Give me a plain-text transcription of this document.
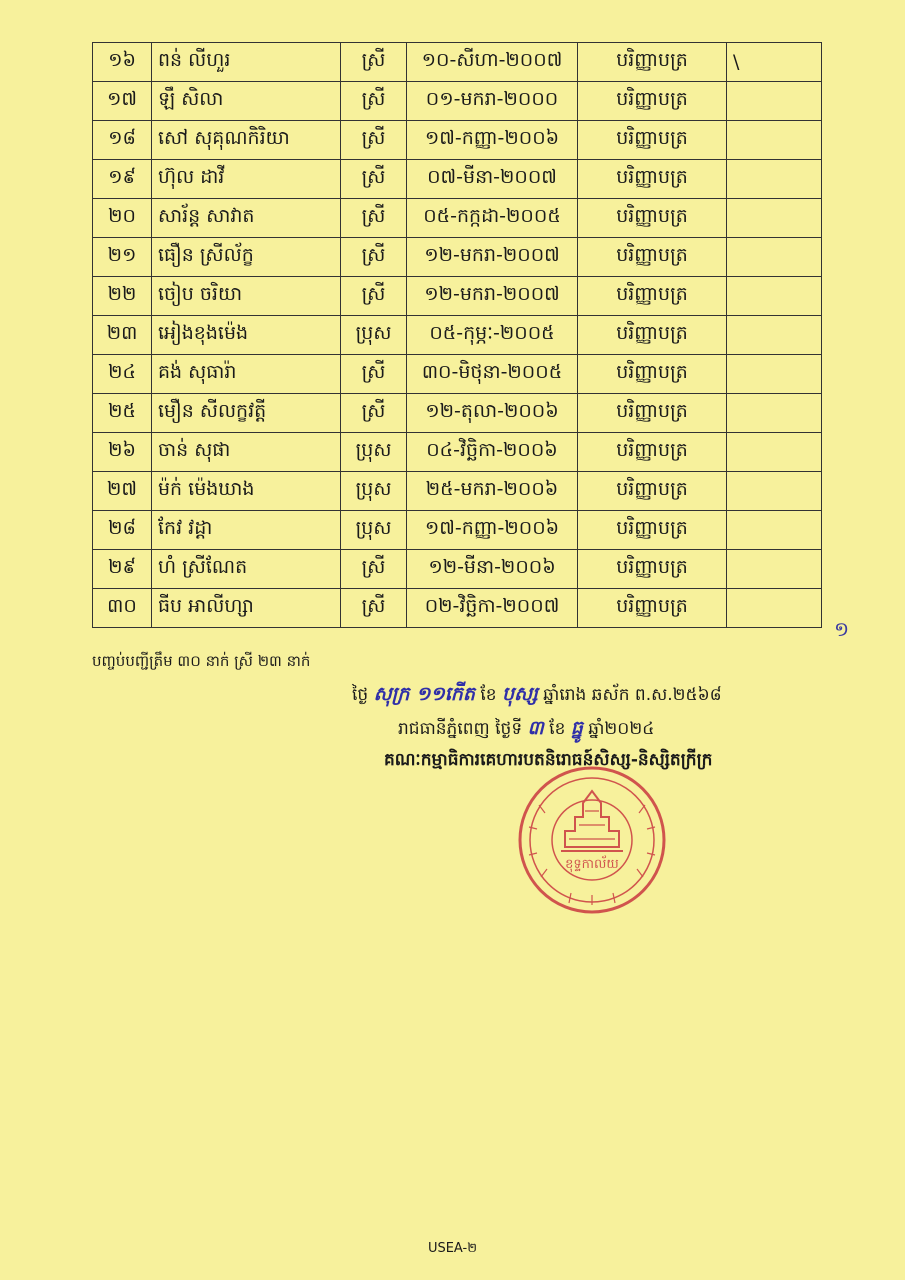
១៦	ពន់ លីហួរ	ស្រី	១០-សីហា-២០០៧	បរិញ្ញាបត្រ	\
១៧	ឡឹ សិលា	ស្រី	០១-មករា-២០០០	បរិញ្ញាបត្រ	
១៨	សៅ សុគុណកិរិយា	ស្រី	១៧-កញ្ញា-២០០៦	បរិញ្ញាបត្រ	
១៩	ហ៊ុល ដាវី	ស្រី	០៧-មីនា-២០០៧	បរិញ្ញាបត្រ	
២០	សារ័ន្ត សាវាត	ស្រី	០៥-កក្កដា-២០០៥	បរិញ្ញាបត្រ	
២១	ធឿន ស្រីល័ក្ខ	ស្រី	១២-មករា-២០០៧	បរិញ្ញាបត្រ	
២២	ចៀប ចរិយា	ស្រី	១២-មករា-២០០៧	បរិញ្ញាបត្រ	
២៣	អៀងខុងម៉េង	ប្រុស	០៥-កុម្ភៈ-២០០៥	បរិញ្ញាបត្រ	
២៤	គង់ សុធារ៉ា	ស្រី	៣០-មិថុនា-២០០៥	បរិញ្ញាបត្រ	
២៥	មឿន សីលក្ខវត្តី	ស្រី	១២-តុលា-២០០៦	បរិញ្ញាបត្រ	
២៦	ចាន់ សុផា	ប្រុស	០៤-វិច្ឆិកា-២០០៦	បរិញ្ញាបត្រ	
២៧	ម៉ក់ ម៉េងឃាង	ប្រុស	២៥-មករា-២០០៦	បរិញ្ញាបត្រ	
២៨	កែវ វដ្ដា	ប្រុស	១៧-កញ្ញា-២០០៦	បរិញ្ញាបត្រ	
២៩	ហំ ស្រីណែត	ស្រី	១២-មីនា-២០០៦	បរិញ្ញាបត្រ	
៣០	ធីប អាលីហ្សា	ស្រី	០២-វិច្ឆិកា-២០០៧	បរិញ្ញាបត្រ	
១
បញ្ចប់បញ្ជីត្រឹម ៣០ នាក់ ស្រី ២៣ នាក់
ថ្ងៃ សុក្រ ១១កើត ខែ បុស្ស ឆ្នាំរោង ឆស័ក ព.ស.២៥៦៨
រាជធានីភ្នំពេញ ថ្ងៃទី ៣ ខែ ធ្នូ ឆ្នាំ២០២៤
គណៈកម្មាធិការគេហារបតនិរោធន៍សិស្ស-និស្សិតក្រីក្រ
ខុទ្ទកាល័យ
USEA-២
